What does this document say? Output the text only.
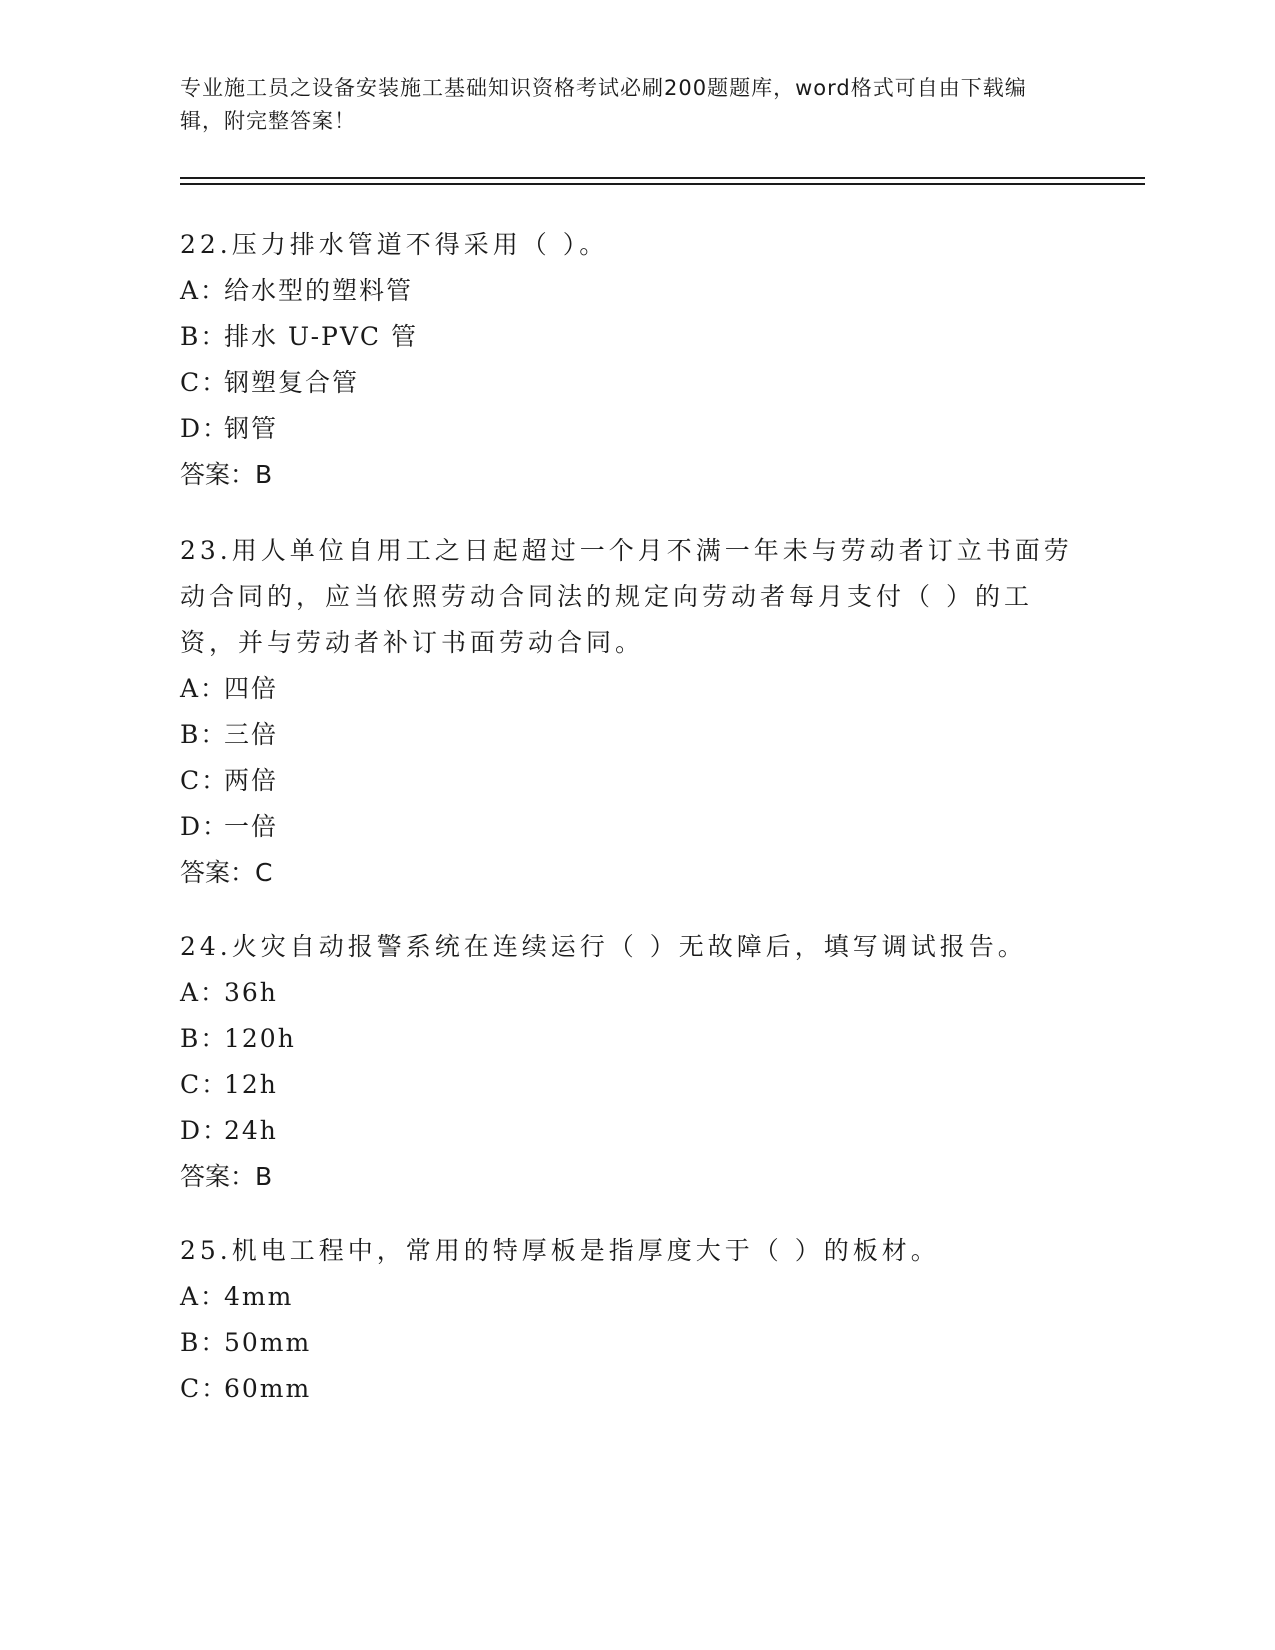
专业施工员之设备安装施工基础知识资格考试必刷200题题库，word格式可自由下载编辑，附完整答案！

22.压力排水管道不得采用（ ）。

A：给水型的塑料管

B：排水 U-PVC 管

C：钢塑复合管

D：钢管

答案：B

23.用人单位自用工之日起超过一个月不满一年未与劳动者订立书面劳动合同的，应当依照劳动合同法的规定向劳动者每月支付（ ）的工资，并与劳动者补订书面劳动合同。

A：四倍

B：三倍

C：两倍

D：一倍

答案：C

24.火灾自动报警系统在连续运行（ ）无故障后，填写调试报告。

A：36h

B：120h

C：12h

D：24h

答案：B

25.机电工程中，常用的特厚板是指厚度大于（ ）的板材。

A：4mm

B：50mm

C：60mm
